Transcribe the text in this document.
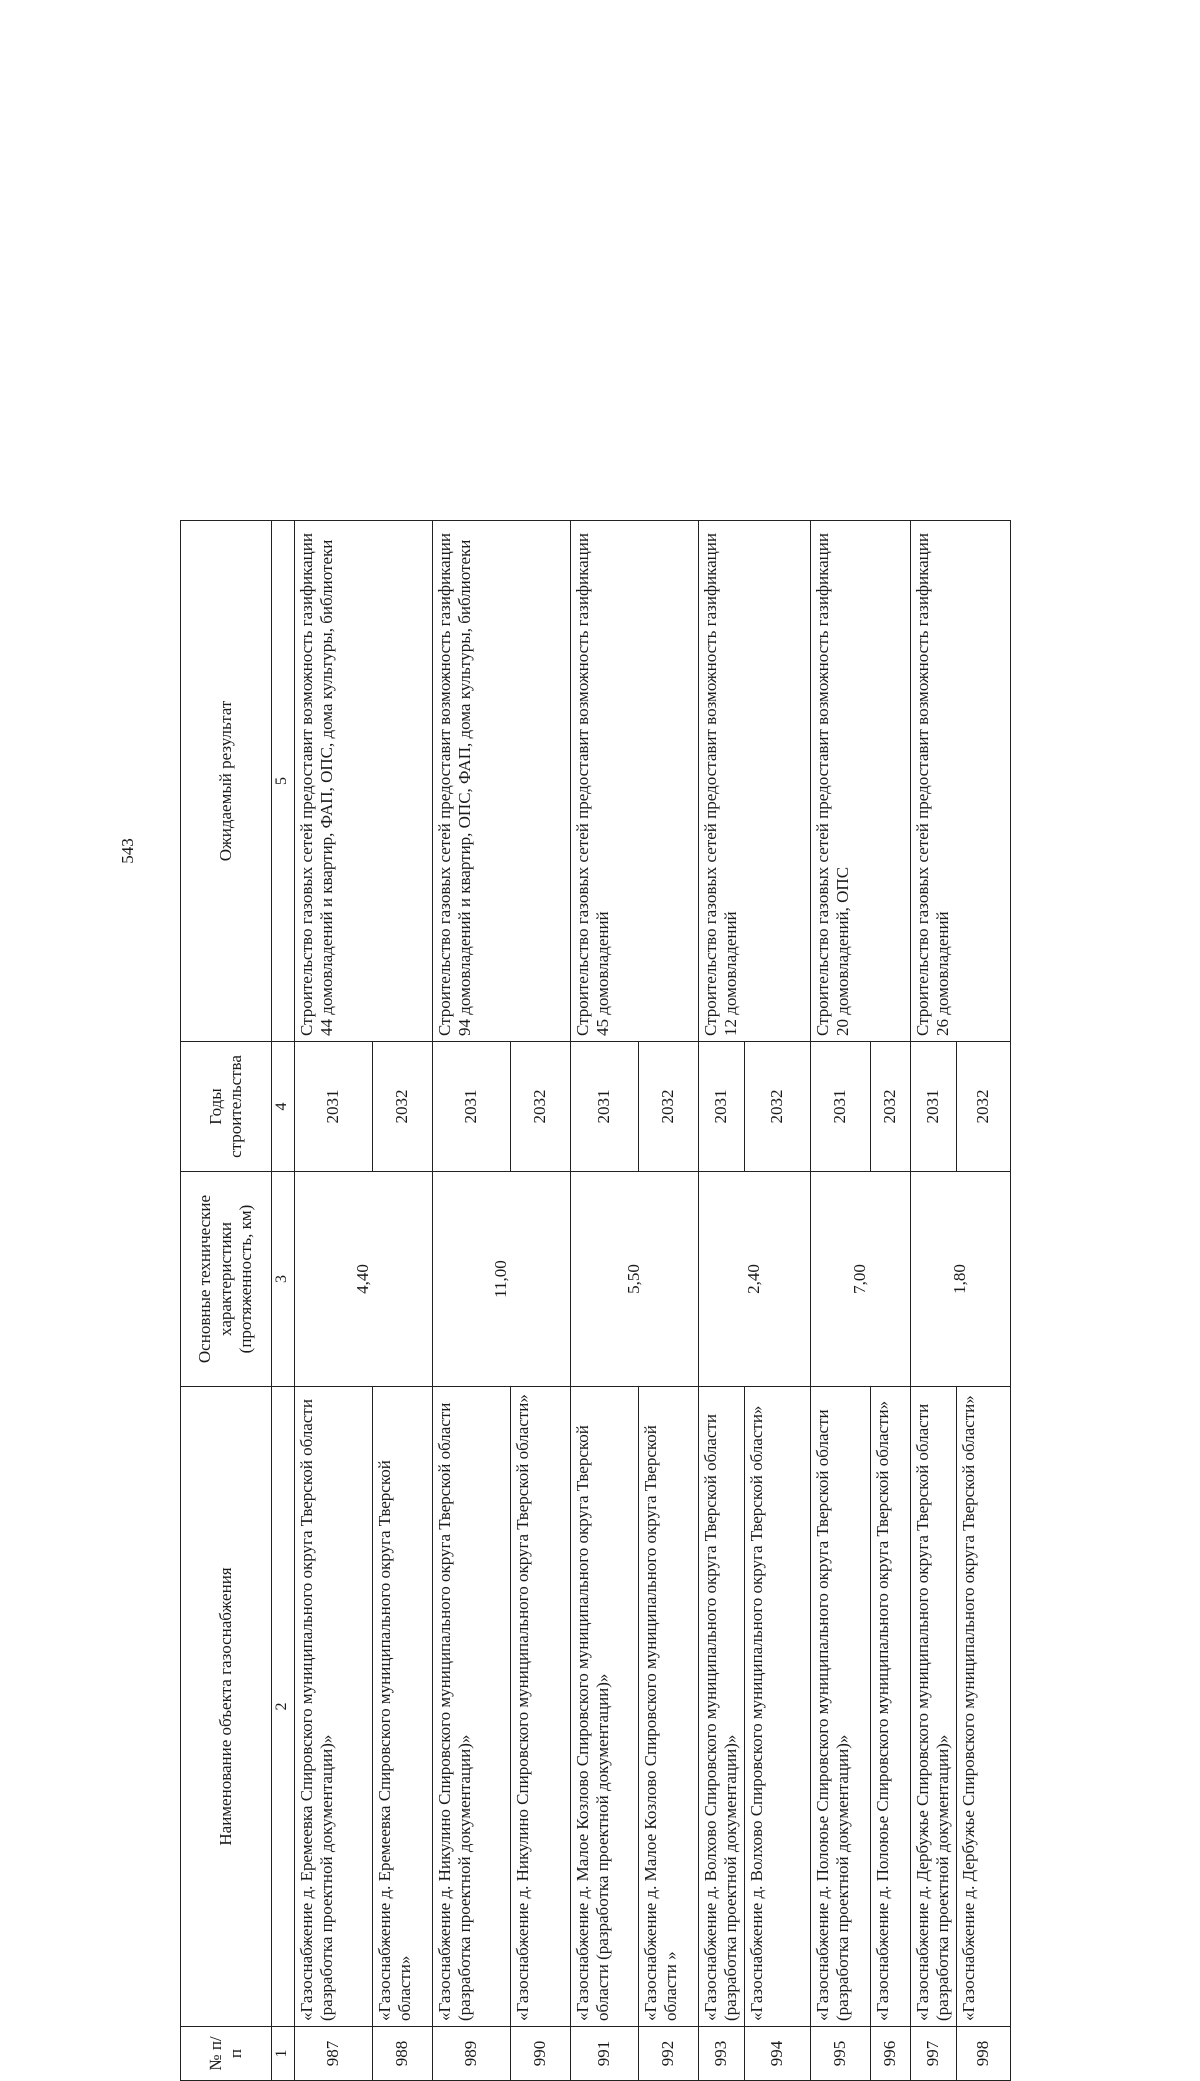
543
№ п/п	Наименование объекта газоснабжения	Основные технические характеристики (протяженность, км)	Годы строительства	Ожидаемый результат
1	2	3	4	5
987	«Газоснабжение д. Еремеевка Спировского муниципального округа Тверской области (разработка проектной документации)»	4,40	2031	Строительство газовых сетей предоставит возможность газификации 44 домовладений и квартир, ФАП, ОПС, дома культуры, библиотеки
988	«Газоснабжение д. Еремеевка Спировского муниципального округа Тверской области»		2032	
989	«Газоснабжение д. Никулино Спировского муниципального округа Тверской области (разработка проектной документации)»	11,00	2031	Строительство газовых сетей предоставит возможность газификации 94 домовладений и квартир, ОПС, ФАП, дома культуры, библиотеки
990	«Газоснабжение д. Никулино Спировского муниципального округа Тверской области»		2032	
991	«Газоснабжение д. Малое Козлово Спировского муниципального округа Тверской области (разработка проектной документации)»	5,50	2031	Строительство газовых сетей предоставит возможность газификации 45 домовладений
992	«Газоснабжение д. Малое Козлово Спировского муниципального округа Тверской области »		2032	
993	«Газоснабжение д. Волхово Спировского муниципального округа Тверской области (разработка проектной документации)»	2,40	2031	Строительство газовых сетей предоставит возможность газификации 12 домовладений
994	«Газоснабжение д. Волхово Спировского муниципального округа Тверской области»		2032	
995	«Газоснабжение д. Полоюье Спировского муниципального округа Тверской области (разработка проектной документации)»	7,00	2031	Строительство газовых сетей предоставит возможность газификации 20 домовладений, ОПС
996	«Газоснабжение д. Полоюье Спировского муниципального округа Тверской области»		2032	
997	«Газоснабжение д. Дербужье Спировского муниципального округа Тверской области (разработка проектной документации)»	1,80	2031	Строительство газовых сетей предоставит возможность газификации 26 домовладений
998	«Газоснабжение д. Дербужье Спировского муниципального округа Тверской области»		2032	
